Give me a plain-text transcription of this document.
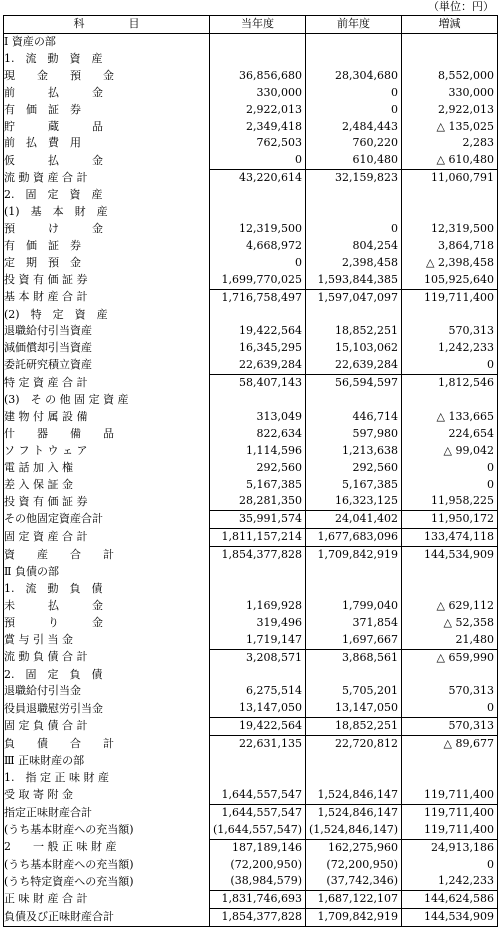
（単位：円）
科　　　　目	当年度	前年度	増減
Ⅰ 資産の部			
1.　流　動　資　産			
現　　金　　預　　金	36,856,680	28,304,680	8,552,000
前　　　払　　　金	330,000	0	330,000
有　価　証　券	2,922,013	0	2,922,013
貯　　　蔵　　　品	2,349,418	2,484,443	△ 135,025
前　払　費　用	762,503	760,220	2,283
仮　　　払　　　金	0	610,480	△ 610,480
流 動 資 産 合 計	43,220,614	32,159,823	11,060,791
2.　固　定　資　産			
(1)　基　本　財　産			
預　　　け　　　金	12,319,500	0	12,319,500
有　価　証　券	4,668,972	804,254	3,864,718
定　期　預　金	0	2,398,458	△ 2,398,458
投 資 有 価 証 券	1,699,770,025	1,593,844,385	105,925,640
基 本 財 産 合 計	1,716,758,497	1,597,047,097	119,711,400
(2)　特　定　資　産			
退職給付引当資産	19,422,564	18,852,251	570,313
減価償却引当資産	16,345,295	15,103,062	1,242,233
委託研究積立資産	22,639,284	22,639,284	0
特 定 資 産 合 計	58,407,143	56,594,597	1,812,546
(3)　そ の 他 固 定 資 産			
建 物 付 属 設 備	313,049	446,714	△ 133,665
什　　器　　備　　品	822,634	597,980	224,654
ソ フ ト ウ ェ ア	1,114,596	1,213,638	△ 99,042
電 話 加 入 権	292,560	292,560	0
差 入 保 証 金	5,167,385	5,167,385	0
投 資 有 価 証 券	28,281,350	16,323,125	11,958,225
その他固定資産合計	35,991,574	24,041,402	11,950,172
固 定 資 産 合 計	1,811,157,214	1,677,683,096	133,474,118
資　　産　　合　　計	1,854,377,828	1,709,842,919	144,534,909
Ⅱ 負債の部			
1.　流　動　負　債			
未　　　払　　　金	1,169,928	1,799,040	△ 629,112
預　　　り　　　金	319,496	371,854	△ 52,358
賞 与 引 当 金	1,719,147	1,697,667	21,480
流 動 負 債 合 計	3,208,571	3,868,561	△ 659,990
2.　固　定　負　債			
退職給付引当金	6,275,514	5,705,201	570,313
役員退職慰労引当金	13,147,050	13,147,050	0
固 定 負 債 合 計	19,422,564	18,852,251	570,313
負　　債　　合　　計	22,631,135	22,720,812	△ 89,677
Ⅲ 正味財産の部			
1.　指 定 正 味 財 産			
受 取 寄 附 金	1,644,557,547	1,524,846,147	119,711,400
指定正味財産合計	1,644,557,547	1,524,846,147	119,711,400
(うち基本財産への充当額)	(1,644,557,547)	(1,524,846,147)	119,711,400
2　　一 般 正 味 財 産	187,189,146	162,275,960	24,913,186
(うち基本財産への充当額)	(72,200,950)	(72,200,950)	0
(うち特定資産への充当額)	(38,984,579)	(37,742,346)	1,242,233
正 味 財 産 合 計	1,831,746,693	1,687,122,107	144,624,586
負債及び正味財産合計	1,854,377,828	1,709,842,919	144,534,909
